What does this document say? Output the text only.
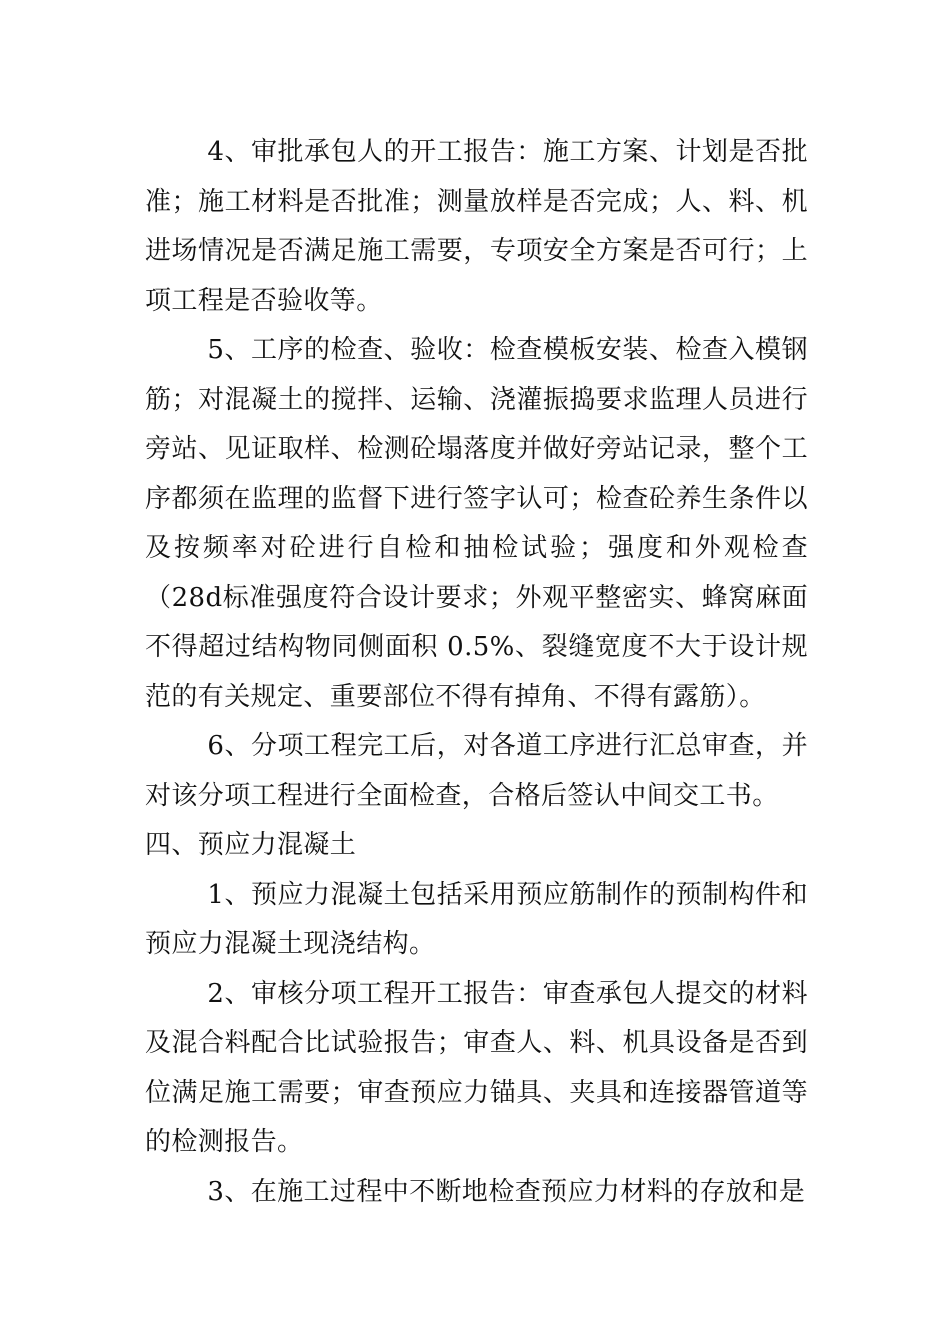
4、审批承包人的开工报告：施工方案、计划是否批准；施工材料是否批准；测量放样是否完成；人、料、机进场情况是否满足施工需要，专项安全方案是否可行；上项工程是否验收等。

5、工序的检查、验收：检查模板安装、检查入模钢筋；对混凝土的搅拌、运输、浇灌振捣要求监理人员进行旁站、见证取样、检测砼塌落度并做好旁站记录，整个工序都须在监理的监督下进行签字认可；检查砼养生条件以及按频率对砼进行自检和抽检试验；强度和外观检查（28d标准强度符合设计要求；外观平整密实、蜂窝麻面不得超过结构物同侧面积 0.5%、裂缝宽度不大于设计规范的有关规定、重要部位不得有掉角、不得有露筋）。

6、分项工程完工后，对各道工序进行汇总审查，并对该分项工程进行全面检查，合格后签认中间交工书。

四、预应力混凝土

1、预应力混凝土包括采用预应筋制作的预制构件和预应力混凝土现浇结构。

2、审核分项工程开工报告：审查承包人提交的材料及混合料配合比试验报告；审查人、料、机具设备是否到位满足施工需要；审查预应力锚具、夹具和连接器管道等的检测报告。

3、在施工过程中不断地检查预应力材料的存放和是
